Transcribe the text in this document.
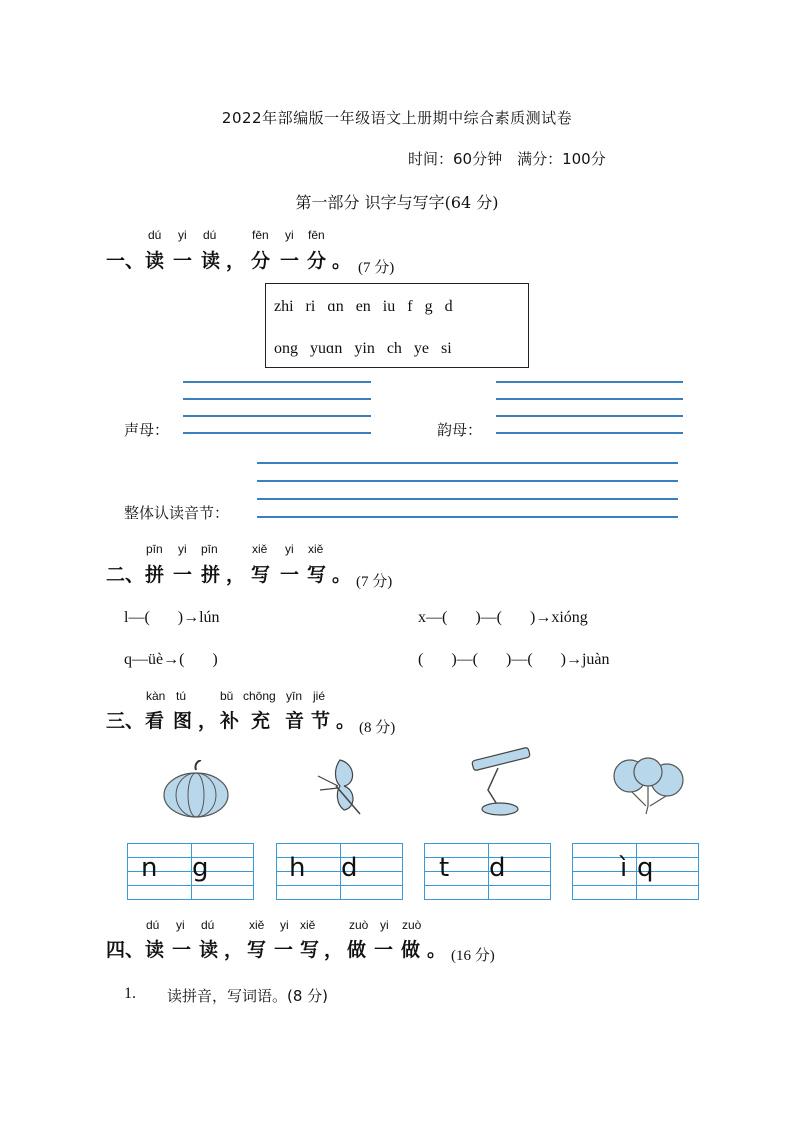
2022年部编版一年级语文上册期中综合素质测试卷
时间：60分钟　满分：100分
第一部分 识字与写字(64 分)
dú yi dú	fēn yi fēn
一、 读 一 读 ， 分 一 分 。 (7 分)
zhi   ri   ɑn   en   iu   f   g   d
ong   yuɑn   yin   ch   ye   si
声母：	韵母：
整体认读音节：
pīn yi pīn	xiě yi xiě
二、 拼 一 拼 ， 写 一 写 。 (7 分)
l—(       )→lún	x—(       )—(       )→xióng
q—üè→(       )	(       )—(       )—(       )→juàn
kàn tú	bǔ chōng yīn jié
三、 看 图 ， 补 充 音 节 。 (8 分)
n g	h d	t d	ì q
dú yi dú	xiě yi xiě	zuò yi zuò
四、 读 一 读 ， 写 一 写 ， 做 一 做 。 (16 分)
1. 读拼音，写词语。(8 分)
